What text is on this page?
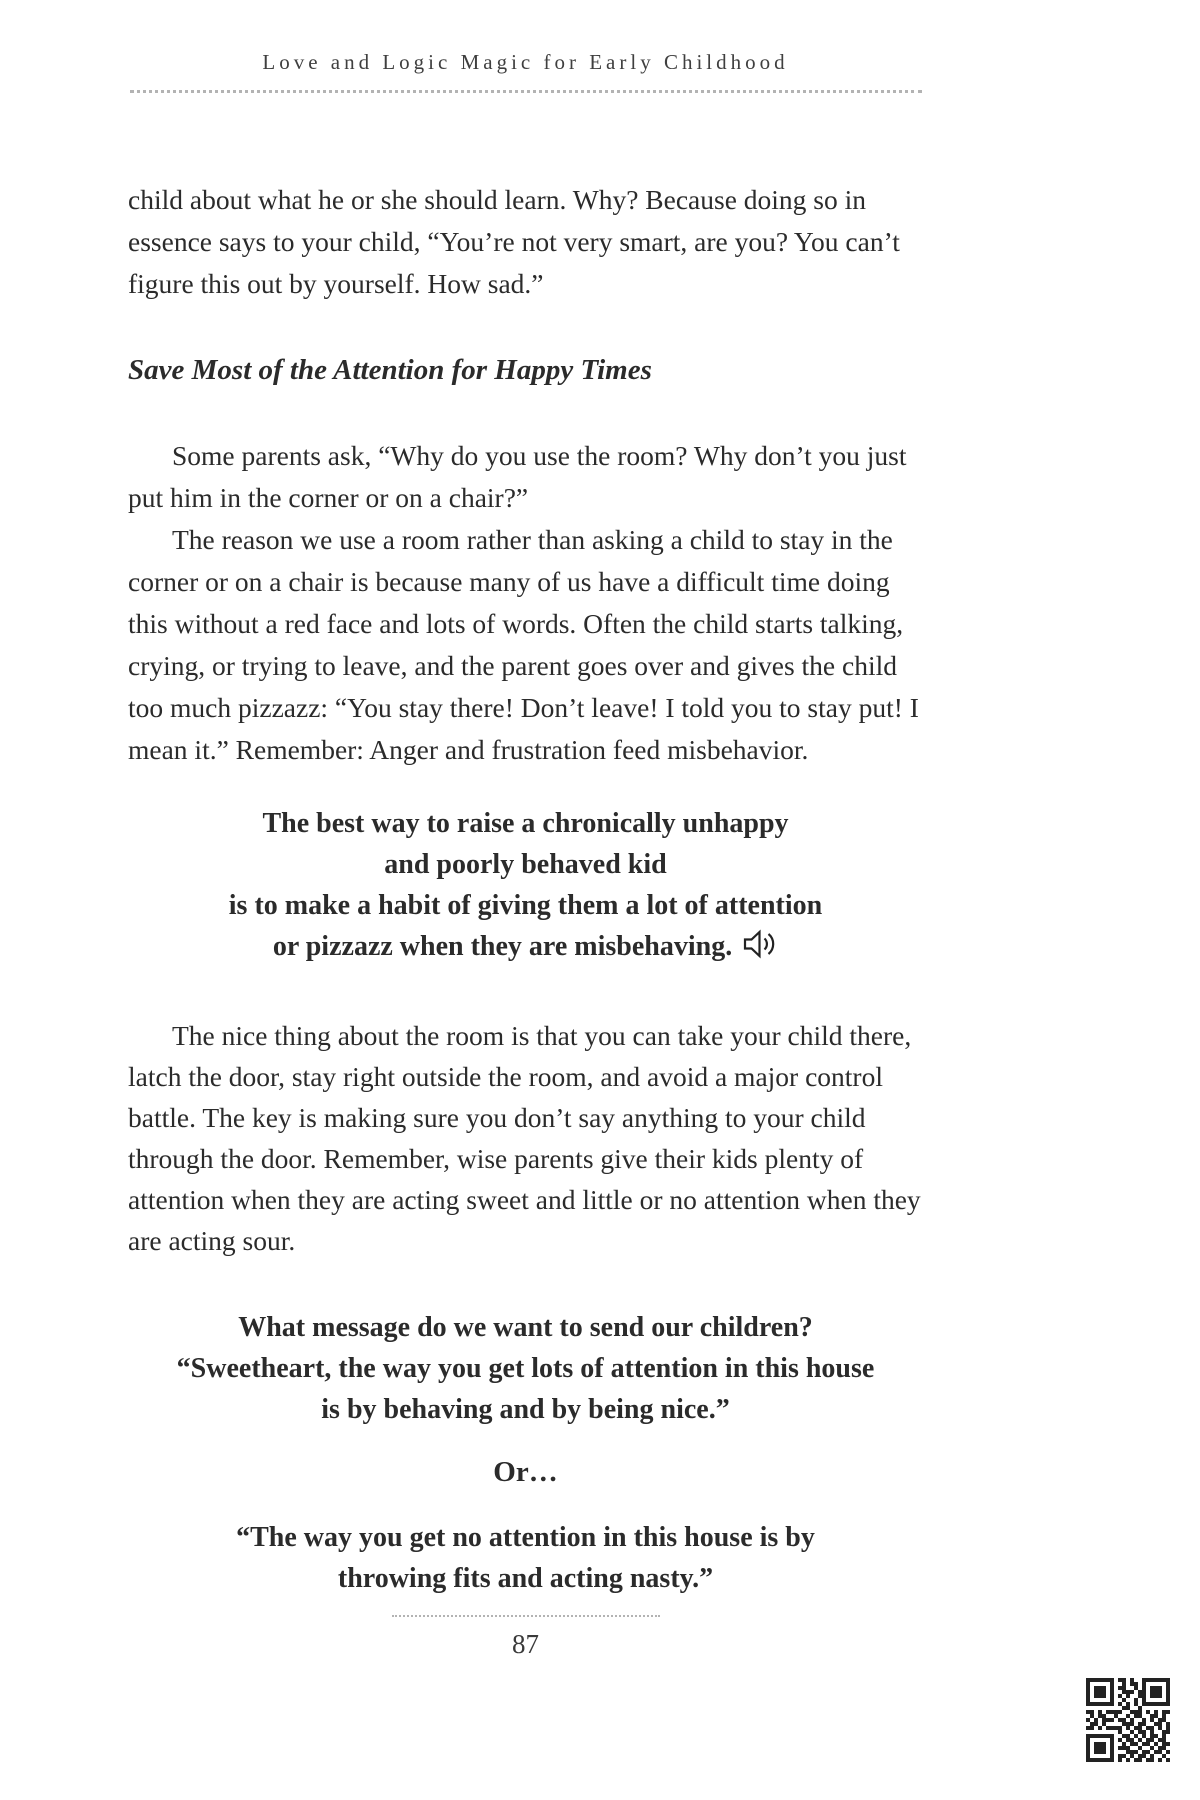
Love and Logic Magic for Early Childhood

child about what he or she should learn. Why? Because doing so in essence says to your child, “You’re not very smart, are you? You can’t figure this out by yourself. How sad.”

Save Most of the Attention for Happy Times

Some parents ask, “Why do you use the room? Why don’t you just put him in the corner or on a chair?”

The reason we use a room rather than asking a child to stay in the corner or on a chair is because many of us have a difficult time doing this without a red face and lots of words. Often the child starts talking, crying, or trying to leave, and the parent goes over and gives the child too much pizzazz: “You stay there! Don’t leave! I told you to stay put! I mean it.” Remember: Anger and frustration feed misbehavior.

The best way to raise a chronically unhappy
and poorly behaved kid
is to make a habit of giving them a lot of attention
or pizzazz when they are misbehaving.

The nice thing about the room is that you can take your child there, latch the door, stay right outside the room, and avoid a major control battle. The key is making sure you don’t say anything to your child through the door. Remember, wise parents give their kids plenty of attention when they are acting sweet and little or no attention when they are acting sour.

What message do we want to send our children?
“Sweetheart, the way you get lots of attention in this house
is by behaving and by being nice.”
Or…
“The way you get no attention in this house is by
throwing fits and acting nasty.”
87
